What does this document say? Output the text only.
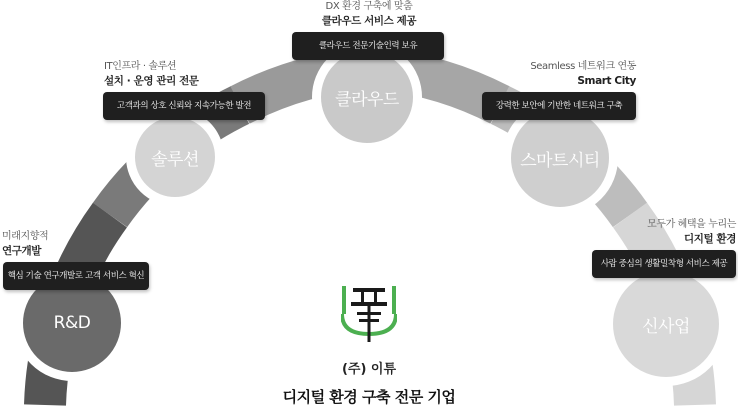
R&D
솔루션
클라우드
스마트시티
신사업
미래지향적
연구개발
IT인프라 · 솔루션
설치 · 운영 관리 전문
DX 환경 구축에 맞춤
클라우드 서비스 제공
Seamless 네트워크 연동
Smart City
모두가 혜택을 누리는
디지털 환경
핵심 기술 연구개발로 고객 서비스 혁신
고객과의 상호 신뢰와 지속가능한 발전
클라우드 전문기술인력 보유
강력한 보안에 기반한 네트워크 구축
사람 중심의 생활밀착형 서비스 제공
(주) 이튜
디지털 환경 구축 전문 기업
